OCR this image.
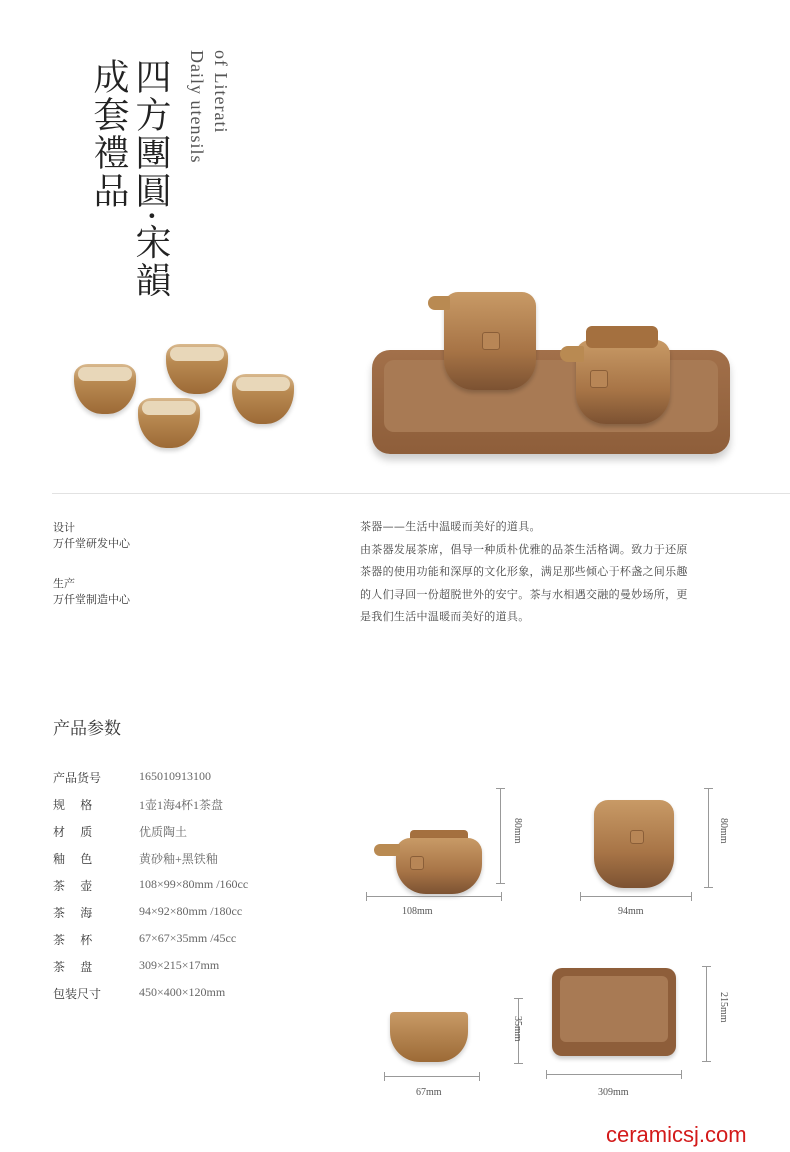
成套禮品 四方團圓·宋韻 Daily utensils of Literati
设计
万仟堂研发中心
生产
万仟堂制造中心
茶器——生活中温暖而美好的道具。
由茶器发展茶席，倡导一种质朴优雅的品茶生活格调。致力于还原
茶器的使用功能和深厚的文化形象，满足那些倾心于杯盏之间乐趣
的人们寻回一份超脱世外的安宁。茶与水相遇交融的曼妙场所，更
是我们生活中温暖而美好的道具。
产品参数
产品货号	165010913100
规    格	1壶1海4杯1茶盘
材    质	优质陶土
釉    色	黄砂釉+黑铁釉
茶    壶	108×99×80mm /160cc
茶    海	94×92×80mm /180cc
茶    杯	67×67×35mm /45cc
茶    盘	309×215×17mm
包装尺寸	450×400×120mm
108mm
80mm
94mm
80mm
67mm
35mm
309mm
215mm
ceramicsj.com
